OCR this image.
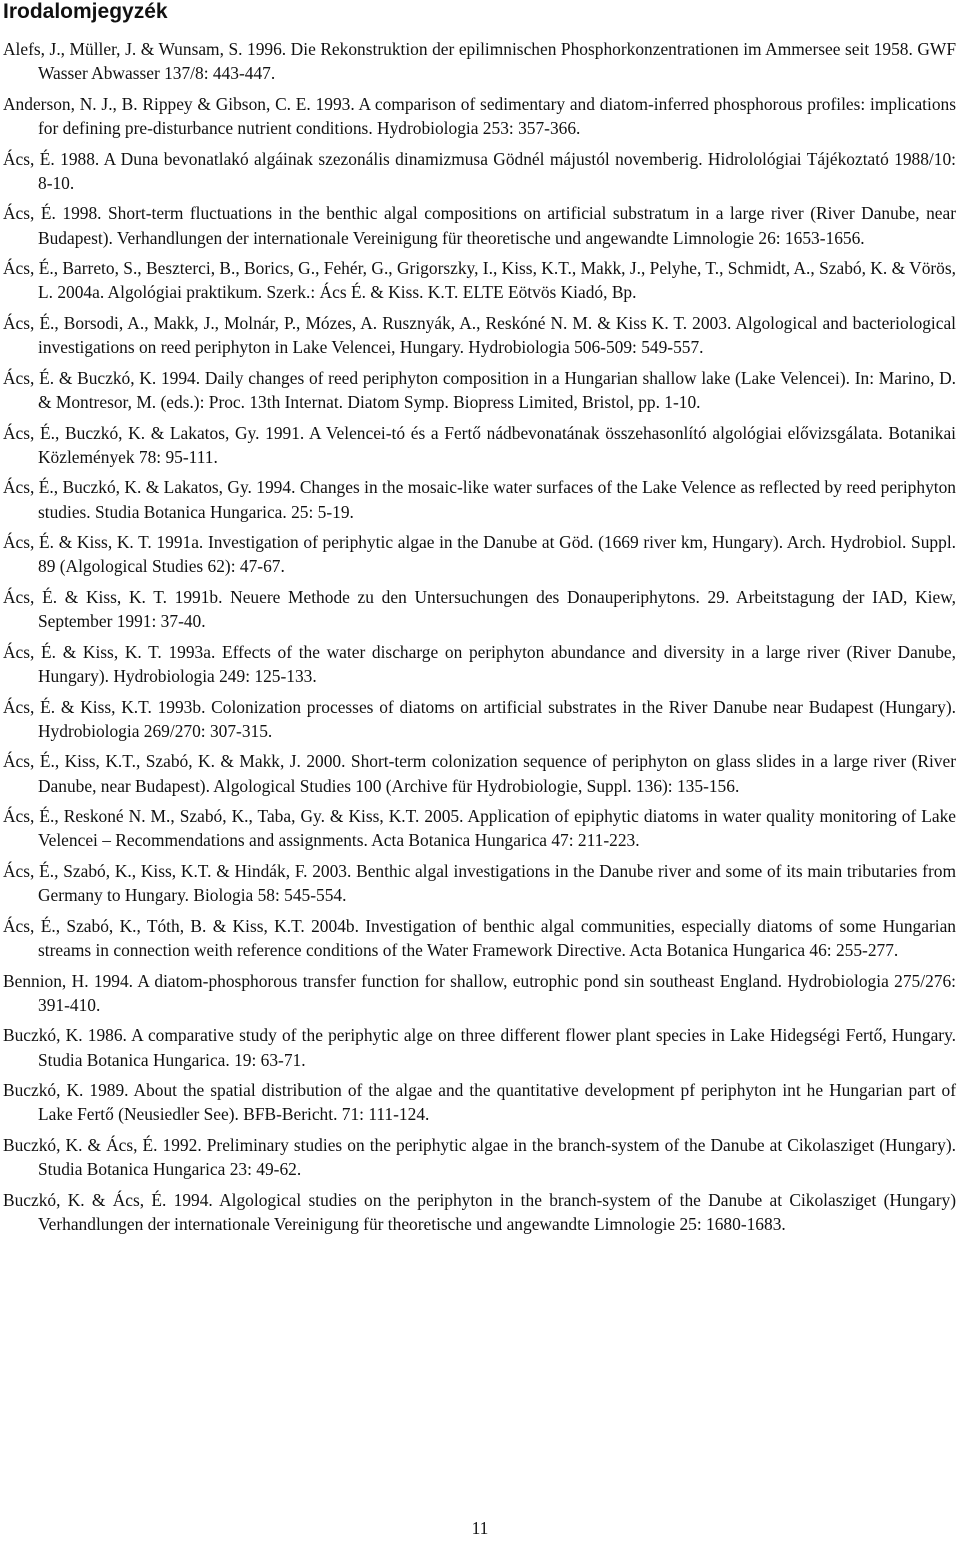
Irodalomjegyzék
Alefs, J., Müller, J. & Wunsam, S. 1996. Die Rekonstruktion der epilimnischen Phosphorkonzentrationen im Ammersee seit 1958. GWF Wasser Abwasser 137/8: 443-447.
Anderson, N. J., B. Rippey & Gibson, C. E. 1993. A comparison of sedimentary and diatom-inferred phosphorous profiles: implications for defining pre-disturbance nutrient conditions. Hydrobiologia 253: 357-366.
Ács, É. 1988. A Duna bevonatlakó algáinak szezonális dinamizmusa Gödnél májustól novemberig. Hidrolológiai Tájékoztató 1988/10: 8-10.
Ács, É. 1998. Short-term fluctuations in the benthic algal compositions on artificial substratum in a large river (River Danube, near Budapest). Verhandlungen der internationale Vereinigung für theoretische und angewandte Limnologie 26: 1653-1656.
Ács, É., Barreto, S., Beszterci, B., Borics, G., Fehér, G., Grigorszky, I., Kiss, K.T., Makk, J., Pelyhe, T., Schmidt, A., Szabó, K. & Vörös, L. 2004a. Algológiai praktikum. Szerk.: Ács É. & Kiss. K.T. ELTE Eötvös Kiadó, Bp.
Ács, É., Borsodi, A., Makk, J., Molnár, P., Mózes, A. Rusznyák, A., Reskóné N. M. & Kiss K. T. 2003. Algological and bacteriological investigations on reed periphyton in Lake Velencei, Hungary. Hydrobiologia 506-509: 549-557.
Ács, É. & Buczkó, K. 1994. Daily changes of reed periphyton composition in a Hungarian shallow lake (Lake Velencei). In: Marino, D. & Montresor, M. (eds.): Proc. 13th Internat. Diatom Symp. Biopress Limited, Bristol, pp. 1-10.
Ács, É., Buczkó, K. & Lakatos, Gy. 1991. A Velencei-tó és a Fertő nádbevonatának összehasonlító algológiai elővizsgálata. Botanikai Közlemények 78: 95-111.
Ács, É., Buczkó, K. & Lakatos, Gy. 1994. Changes in the mosaic-like water surfaces of the Lake Velence as reflected by reed periphyton studies. Studia Botanica Hungarica. 25: 5-19.
Ács, É. & Kiss, K. T. 1991a. Investigation of periphytic algae in the Danube at Göd. (1669 river km, Hungary). Arch. Hydrobiol. Suppl. 89 (Algological Studies 62): 47-67.
Ács, É. & Kiss, K. T. 1991b. Neuere Methode zu den Untersuchungen des Donauperiphytons. 29. Arbeitstagung der IAD, Kiew, September 1991: 37-40.
Ács, É. & Kiss, K. T. 1993a. Effects of the water discharge on periphyton abundance and diversity in a large river (River Danube, Hungary). Hydrobiologia 249: 125-133.
Ács, É. & Kiss, K.T. 1993b. Colonization processes of diatoms on artificial substrates in the River Danube near Budapest (Hungary). Hydrobiologia 269/270: 307-315.
Ács, É., Kiss, K.T., Szabó, K. & Makk, J. 2000. Short-term colonization sequence of periphyton on glass slides in a large river (River Danube, near Budapest). Algological Studies 100 (Archive für Hydrobiologie, Suppl. 136): 135-156.
Ács, É., Reskoné N. M., Szabó, K., Taba, Gy. & Kiss, K.T. 2005. Application of epiphytic diatoms in water quality monitoring of Lake Velencei – Recommendations and assignments. Acta Botanica Hungarica 47: 211-223.
Ács, É., Szabó, K., Kiss, K.T. & Hindák, F. 2003. Benthic algal investigations in the Danube river and some of its main tributaries from Germany to Hungary. Biologia 58: 545-554.
Ács, É., Szabó, K., Tóth, B. & Kiss, K.T. 2004b. Investigation of benthic algal communities, especially diatoms of some Hungarian streams in connection weith reference conditions of the Water Framework Directive. Acta Botanica Hungarica 46: 255-277.
Bennion, H. 1994. A diatom-phosphorous transfer function for shallow, eutrophic pond sin southeast England. Hydrobiologia 275/276: 391-410.
Buczkó, K. 1986. A comparative study of the periphytic alge on three different flower plant species in Lake Hidegségi Fertő, Hungary. Studia Botanica Hungarica. 19: 63-71.
Buczkó, K. 1989. About the spatial distribution of the algae and the quantitative development pf periphyton int he Hungarian part of Lake Fertő (Neusiedler See). BFB-Bericht. 71: 111-124.
Buczkó, K. & Ács, É. 1992. Preliminary studies on the periphytic algae in the branch-system of the Danube at Cikolasziget (Hungary). Studia Botanica Hungarica 23: 49-62.
Buczkó, K. & Ács, É. 1994. Algological studies on the periphyton in the branch-system of the Danube at Cikolasziget (Hungary) Verhandlungen der internationale Vereinigung für theoretische und angewandte Limnologie 25: 1680-1683.
11
